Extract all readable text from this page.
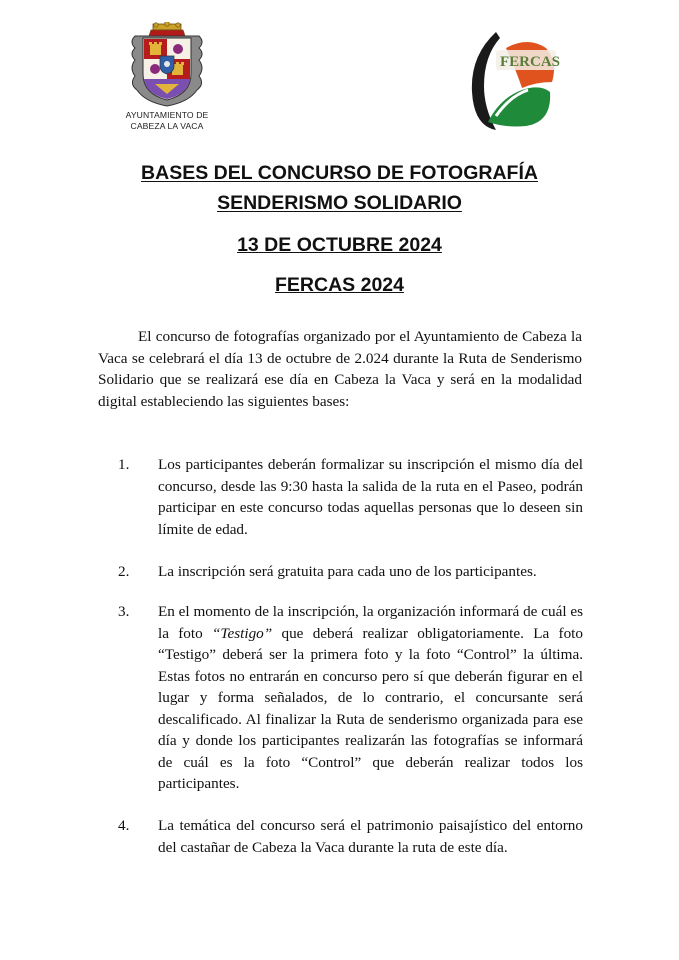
AYUNTAMIENTO DE
CABEZA LA VACA
FERCAS
BASES DEL CONCURSO DE FOTOGRAFÍA
SENDERISMO SOLIDARIO
13 DE OCTUBRE 2024
FERCAS 2024

El concurso de fotografías organizado por el Ayuntamiento de Cabeza la Vaca se celebrará el día 13 de octubre de 2.024 durante la Ruta de Senderismo Solidario que se realizará ese día en Cabeza la Vaca y será en la modalidad digital estableciendo las siguientes bases:

1. Los participantes deberán formalizar su inscripción el mismo día del concurso, desde las 9:30 hasta la salida de la ruta en el Paseo, podrán participar en este concurso todas aquellas personas que lo deseen sin límite de edad.

2. La inscripción será gratuita para cada uno de los participantes.

3. En el momento de la inscripción, la organización informará de cuál es la foto “Testigo” que deberá realizar obligatoriamente. La foto “Testigo” deberá ser la primera foto y la foto “Control” la última. Estas fotos no entrarán en concurso pero sí que deberán figurar en el lugar y forma señalados, de lo contrario, el concursante será descalificado. Al finalizar la Ruta de senderismo organizada para ese día y donde los participantes realizarán las fotografías se informará de cuál es la foto “Control” que deberán realizar todos los participantes.

4. La temática del concurso será el patrimonio paisajístico del entorno del castañar de Cabeza la Vaca durante la ruta de este día.
